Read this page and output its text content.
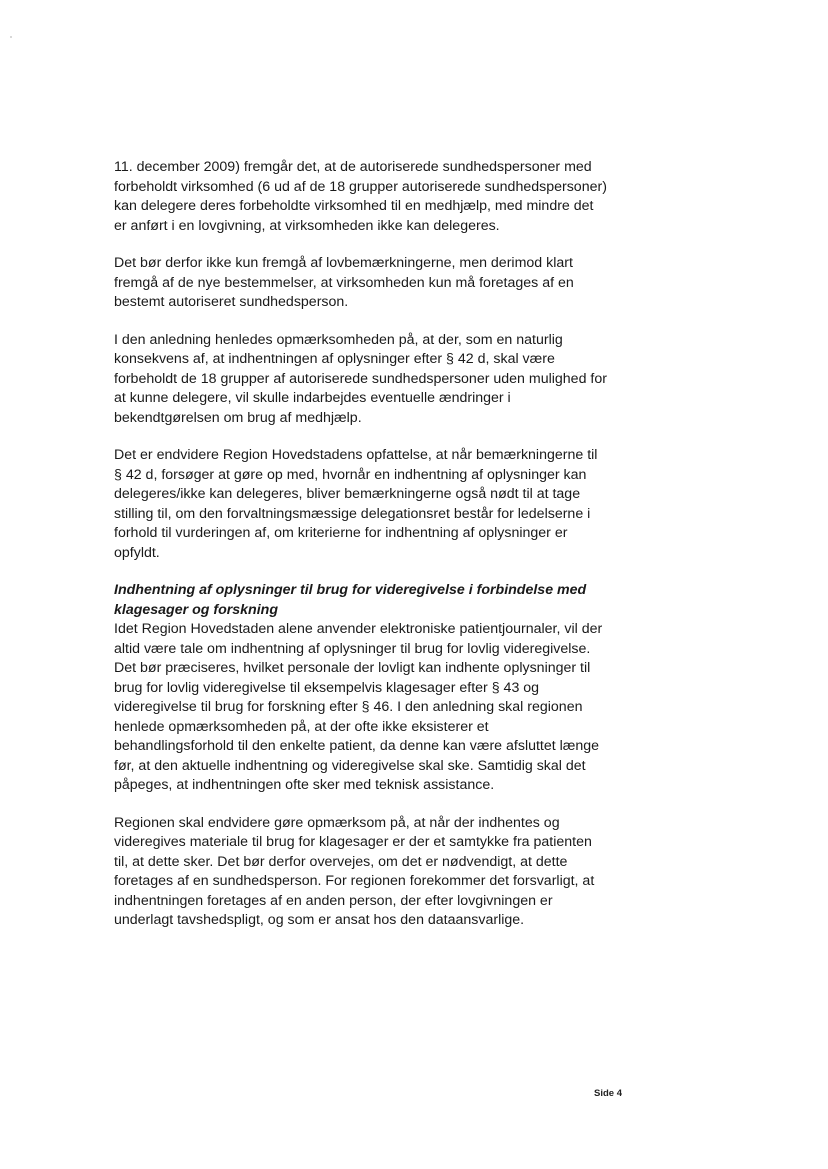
11. december 2009) fremgår det, at de autoriserede sundhedspersoner med
forbeholdt virksomhed (6 ud af de 18 grupper autoriserede sundhedspersoner)
kan delegere deres forbeholdte virksomhed til en medhjælp, med mindre det
er anført i en lovgivning, at virksomheden ikke kan delegeres.

Det bør derfor ikke kun fremgå af lovbemærkningerne, men derimod klart
fremgå af de nye bestemmelser, at virksomheden kun må foretages af en
bestemt autoriseret sundhedsperson.

I den anledning henledes opmærksomheden på, at der, som en naturlig
konsekvens af, at indhentningen af oplysninger efter § 42 d, skal være
forbeholdt de 18 grupper af autoriserede sundhedspersoner uden mulighed for
at kunne delegere, vil skulle indarbejdes eventuelle ændringer i
bekendtgørelsen om brug af medhjælp.

Det er endvidere Region Hovedstadens opfattelse, at når bemærkningerne til
§ 42 d, forsøger at gøre op med, hvornår en indhentning af oplysninger kan
delegeres/ikke kan delegeres, bliver bemærkningerne også nødt til at tage
stilling til, om den forvaltningsmæssige delegationsret består for ledelserne i
forhold til vurderingen af, om kriterierne for indhentning af oplysninger er
opfyldt.

Indhentning af oplysninger til brug for videregivelse i forbindelse med
klagesager og forskning

Idet Region Hovedstaden alene anvender elektroniske patientjournaler, vil der
altid være tale om indhentning af oplysninger til brug for lovlig videregivelse.
Det bør præciseres, hvilket personale der lovligt kan indhente oplysninger til
brug for lovlig videregivelse til eksempelvis klagesager efter § 43 og
videregivelse til brug for forskning efter § 46. I den anledning skal regionen
henlede opmærksomheden på, at der ofte ikke eksisterer et
behandlingsforhold til den enkelte patient, da denne kan være afsluttet længe
før, at den aktuelle indhentning og videregivelse skal ske. Samtidig skal det
påpeges, at indhentningen ofte sker med teknisk assistance.

Regionen skal endvidere gøre opmærksom på, at når der indhentes og
videregives materiale til brug for klagesager er der et samtykke fra patienten
til, at dette sker. Det bør derfor overvejes, om det er nødvendigt, at dette
foretages af en sundhedsperson. For regionen forekommer det forsvarligt, at
indhentningen foretages af en anden person, der efter lovgivningen er
underlagt tavshedspligt, og som er ansat hos den dataansvarlige.

Side 4
